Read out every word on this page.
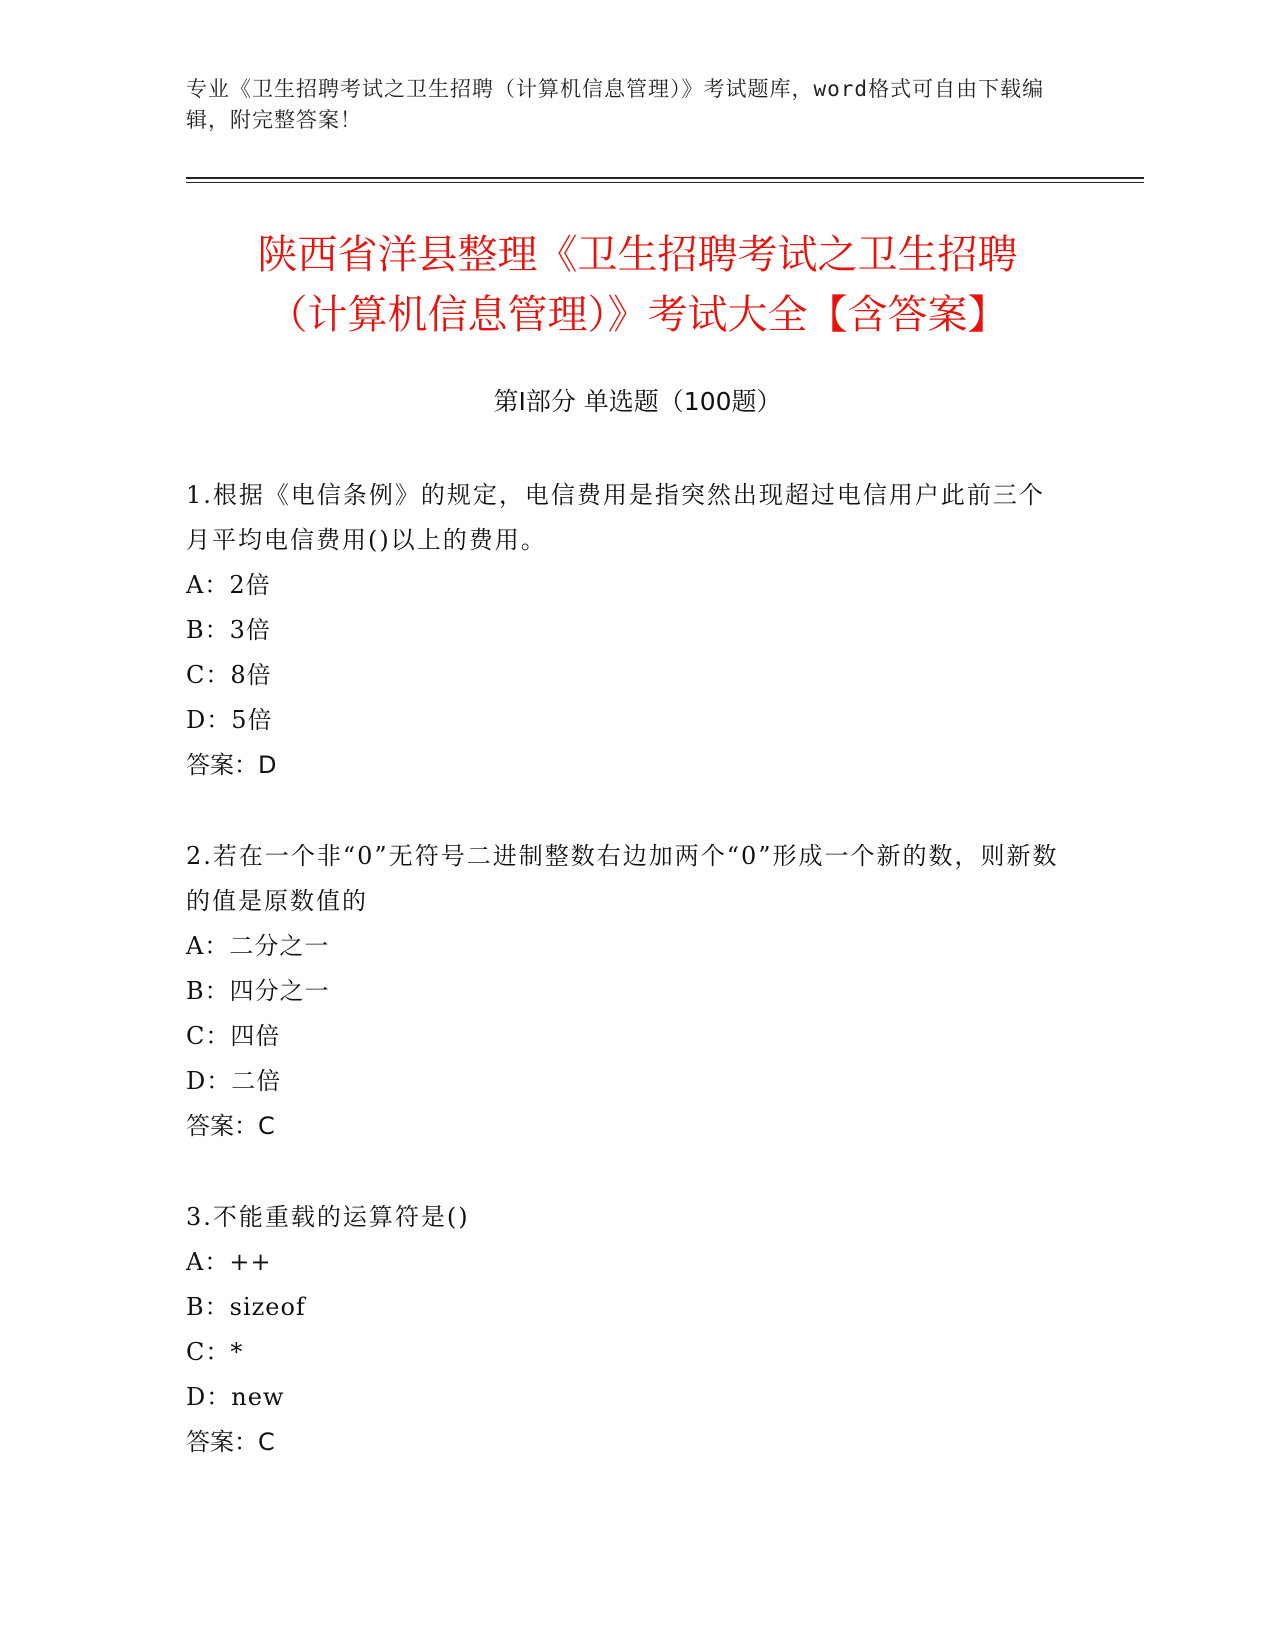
专业《卫生招聘考试之卫生招聘（计算机信息管理）》考试题库，word格式可自由下载编辑，附完整答案！
陕西省洋县整理《卫生招聘考试之卫生招聘
（计算机信息管理）》考试大全【含答案】
第Ⅰ部分 单选题（100题）
1.根据《电信条例》的规定，电信费用是指突然出现超过电信用户此前三个月平均电信费用()以上的费用。
A：2倍
B：3倍
C：8倍
D：5倍
答案：D
2.若在一个非“0”无符号二进制整数右边加两个“0”形成一个新的数，则新数的值是原数值的
A：二分之一
B：四分之一
C：四倍
D：二倍
答案：C
3.不能重载的运算符是()
A：++
B：sizeof
C：*
D：new
答案：C
